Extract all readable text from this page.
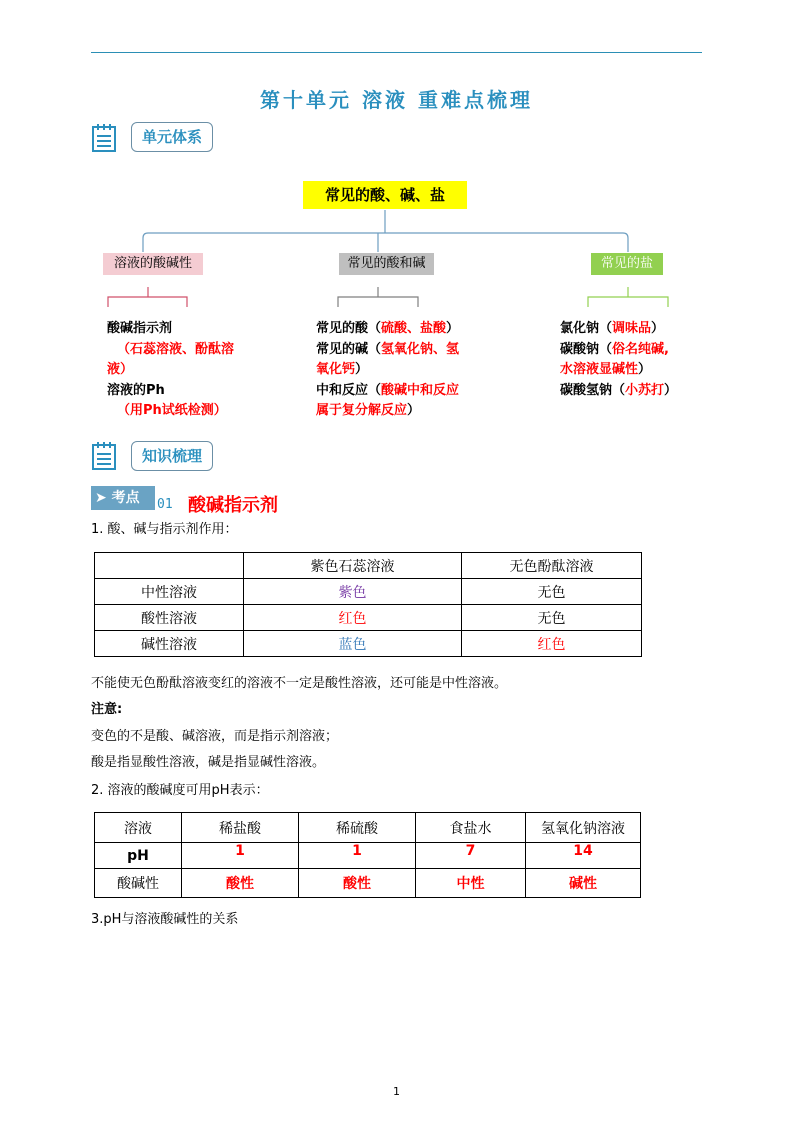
第十单元 溶液 重难点梳理
单元体系
常见的酸、碱、盐
溶液的酸碱性	常见的酸和碱	常见的盐
酸碱指示剂
（石蕊溶液、酚酞溶
液）
溶液的Ph
（用Ph试纸检测）
常见的酸（硫酸、盐酸）
常见的碱（氢氧化钠、氢
氧化钙）
中和反应（酸碱中和反应
属于复分解反应）
氯化钠（调味品）
碳酸钠（俗名纯碱,
水溶液显碱性）
碳酸氢钠（小苏打）
知识梳理
➤ 考点	01 酸碱指示剂
1. 酸、碱与指示剂作用：
	紫色石蕊溶液	无色酚酞溶液
中性溶液	紫色	无色
酸性溶液	红色	无色
碱性溶液	蓝色	红色
不能使无色酚酞溶液变红的溶液不一定是酸性溶液，还可能是中性溶液。
注意:
变色的不是酸、碱溶液，而是指示剂溶液；
酸是指显酸性溶液，碱是指显碱性溶液。
2. 溶液的酸碱度可用pH表示：
溶液	稀盐酸	稀硫酸	食盐水	氢氧化钠溶液
pH	1	1	7	14
酸碱性	酸性	酸性	中性	碱性
3.pH与溶液酸碱性的关系
1
